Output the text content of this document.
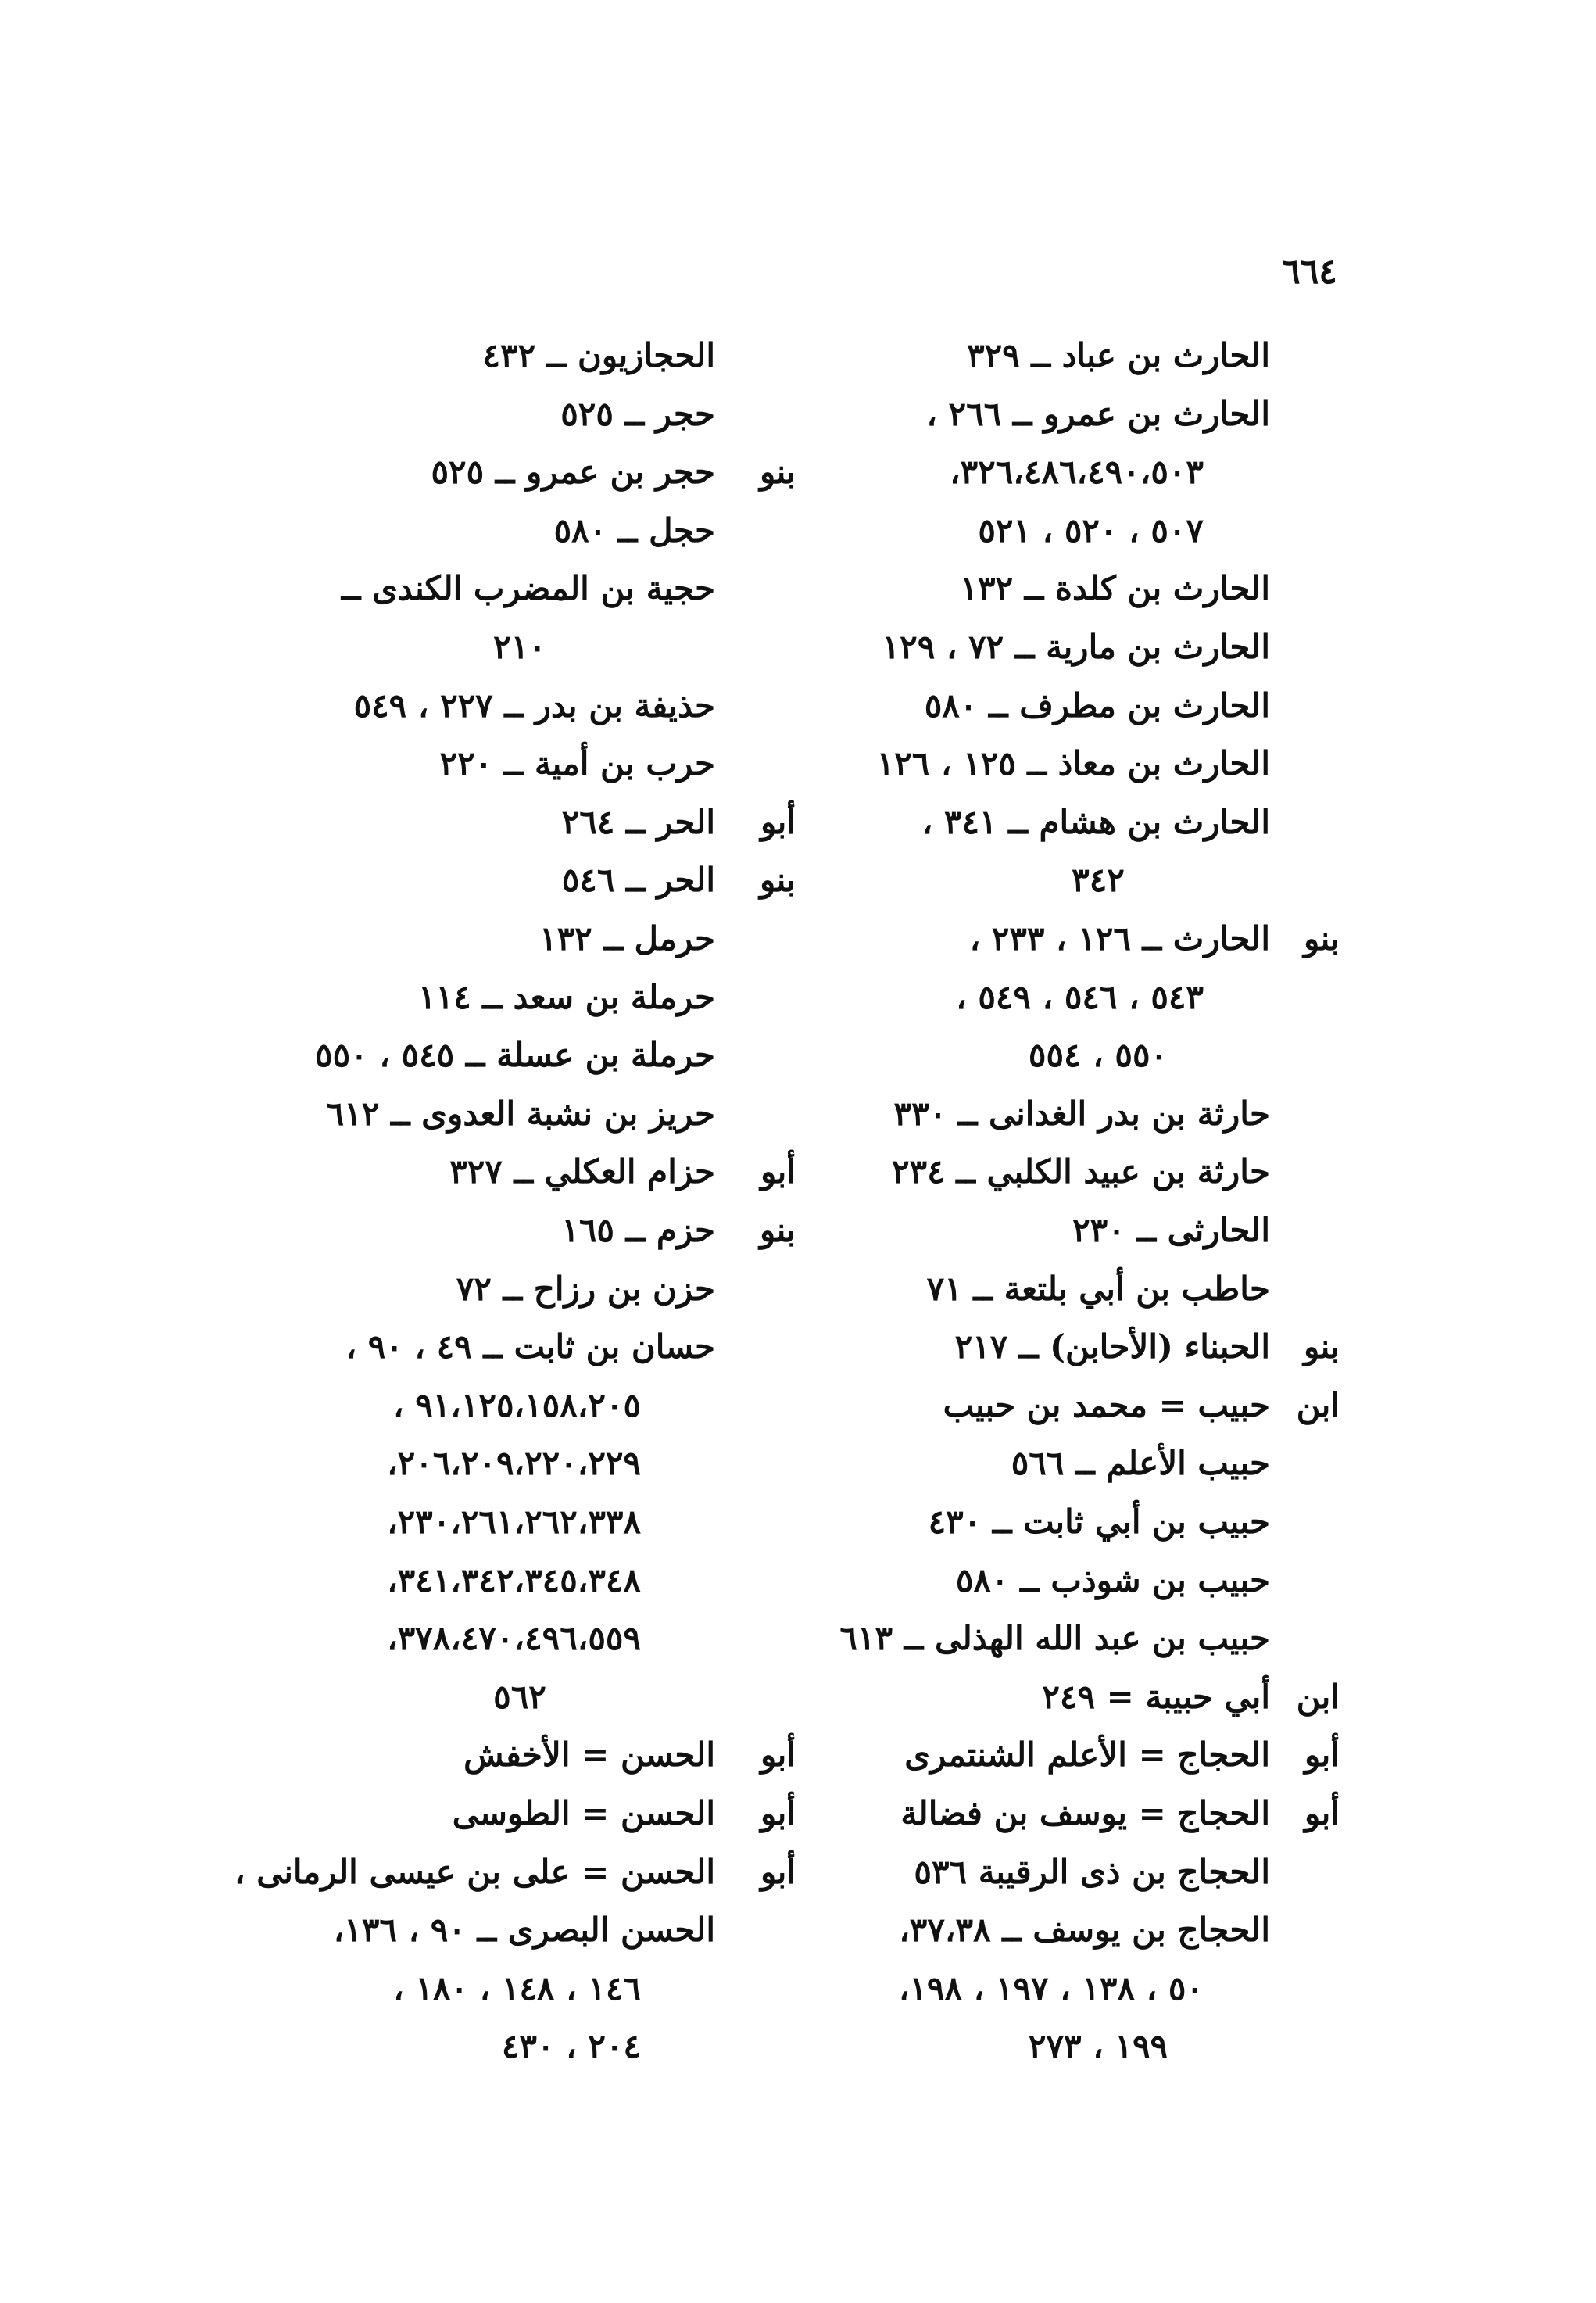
٦٦٤
الحارث بن عباد ــ ٣٢٩
الحارث بن عمرو ــ ٢٦٦ ،
٣٢٦،٤٨٦،٤٩٠،٥٠٣،
٥٠٧ ، ٥٢٠ ، ٥٢١
الحارث بن كلدة ــ ١٣٢
الحارث بن مارية ــ ٧٢ ، ١٢٩
الحارث بن مطرف ــ ٥٨٠
الحارث بن معاذ ــ ١٢٥ ، ١٢٦
الحارث بن هشام ــ ٣٤١ ،
٣٤٢
بنو
الحارث ــ ١٢٦ ، ٢٣٣ ،
٥٤٣ ، ٥٤٦ ، ٥٤٩ ،
٥٥٠ ، ٥٥٤
حارثة بن بدر الغدانى ــ ٣٣٠
حارثة بن عبيد الكلبي ــ ٢٣٤
الحارثى ــ ٢٣٠
حاطب بن أبي بلتعة ــ ٧١
بنو
الحبناء (الأحابن) ــ ٢١٧
ابن
حبيب = محمد بن حبيب
حبيب الأعلم ــ ٥٦٦
حبيب بن أبي ثابت ــ ٤٣٠
حبيب بن شوذب ــ ٥٨٠
حبيب بن عبد الله الهذلى ــ ٦١٣
ابن
أبي حبيبة = ٢٤٩
أبو
الحجاج = الأعلم الشنتمرى
أبو
الحجاج = يوسف بن فضالة
الحجاج بن ذى الرقيبة ٥٣٦
الحجاج بن يوسف ــ ٣٧،٣٨،
٥٠ ، ١٣٨ ، ١٩٧ ، ١٩٨،
١٩٩ ، ٢٧٣
الحجازيون ــ ٤٣٢
حجر ــ ٥٢٥
بنو
حجر بن عمرو ــ ٥٢٥
حجل ــ ٥٨٠
حجية بن المضرب الكندى ــ
٢١٠
حذيفة بن بدر ــ ٢٢٧ ، ٥٤٩
حرب بن أمية ــ ٢٢٠
أبو
الحر ــ ٢٦٤
بنو
الحر ــ ٥٤٦
حرمل ــ ١٣٢
حرملة بن سعد ــ ١١٤
حرملة بن عسلة ــ ٥٤٥ ، ٥٥٠
حريز بن نشبة العدوى ــ ٦١٢
أبو
حزام العكلي ــ ٣٢٧
بنو
حزم ــ ١٦٥
حزن بن رزاح ــ ٧٢
حسان بن ثابت ــ ٤٩ ، ٩٠ ،
٩١،١٢٥،١٥٨،٢٠٥ ،
٢٠٦،٢٠٩،٢٢٠،٢٢٩،
٢٣٠،٢٦١،٢٦٢،٣٣٨،
٣٤١،٣٤٢،٣٤٥،٣٤٨،
٣٧٨،٤٧٠،٤٩٦،٥٥٩،
٥٦٢
أبو
الحسن = الأخفش
أبو
الحسن = الطوسى
أبو
الحسن = على بن عيسى الرمانى ،
الحسن البصرى ــ ٩٠ ، ١٣٦،
١٤٦ ، ١٤٨ ، ١٨٠ ،
٢٠٤ ، ٤٣٠
